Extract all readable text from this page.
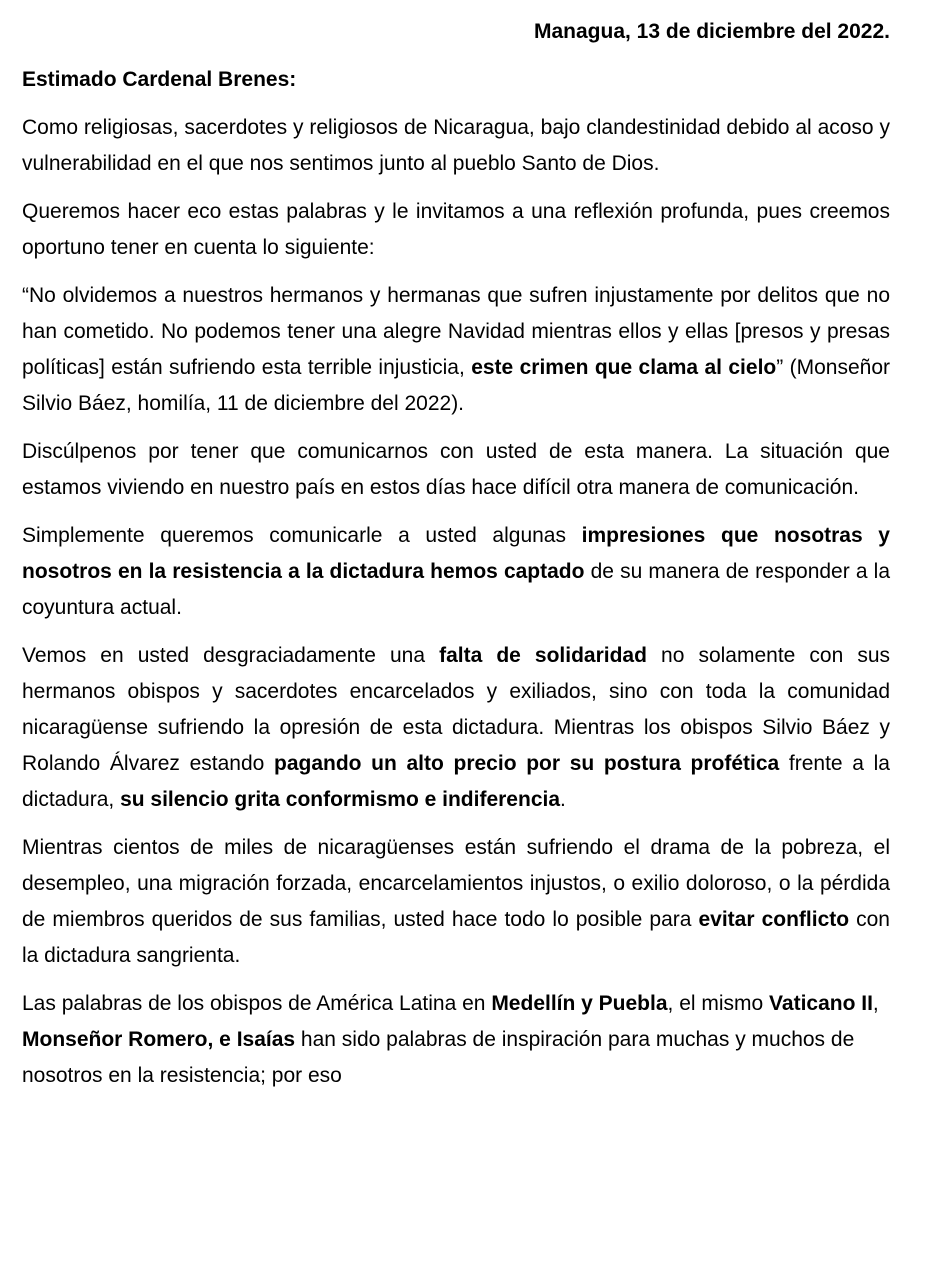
Managua, 13 de diciembre del 2022.

Estimado Cardenal Brenes:

Como religiosas, sacerdotes y religiosos de Nicaragua, bajo clandestinidad debido al acoso y vulnerabilidad en el que nos sentimos junto al pueblo Santo de Dios.

Queremos hacer eco estas palabras y le invitamos a una reflexión profunda, pues creemos oportuno tener en cuenta lo siguiente:

“No olvidemos a nuestros hermanos y hermanas que sufren injustamente por delitos que no han cometido. No podemos tener una alegre Navidad mientras ellos y ellas [presos y presas políticas] están sufriendo esta terrible injusticia, este crimen que clama al cielo” (Monseñor Silvio Báez, homilía, 11 de diciembre del 2022).

Discúlpenos por tener que comunicarnos con usted de esta manera. La situación que estamos viviendo en nuestro país en estos días hace difícil otra manera de comunicación.

Simplemente queremos comunicarle a usted algunas impresiones que nosotras y nosotros en la resistencia a la dictadura hemos captado de su manera de responder a la coyuntura actual.

Vemos en usted desgraciadamente una falta de solidaridad no solamente con sus hermanos obispos y sacerdotes encarcelados y exiliados, sino con toda la comunidad nicaragüense sufriendo la opresión de esta dictadura. Mientras los obispos Silvio Báez y Rolando Álvarez estando pagando un alto precio por su postura profética frente a la dictadura, su silencio grita conformismo e indiferencia.

Mientras cientos de miles de nicaragüenses están sufriendo el drama de la pobreza, el desempleo, una migración forzada, encarcelamientos injustos, o exilio doloroso, o la pérdida de miembros queridos de sus familias, usted hace todo lo posible para evitar conflicto con la dictadura sangrienta.

Las palabras de los obispos de América Latina en Medellín y Puebla, el mismo Vaticano II, Monseñor Romero, e Isaías han sido palabras de inspiración para muchas y muchos de nosotros en la resistencia; por eso
